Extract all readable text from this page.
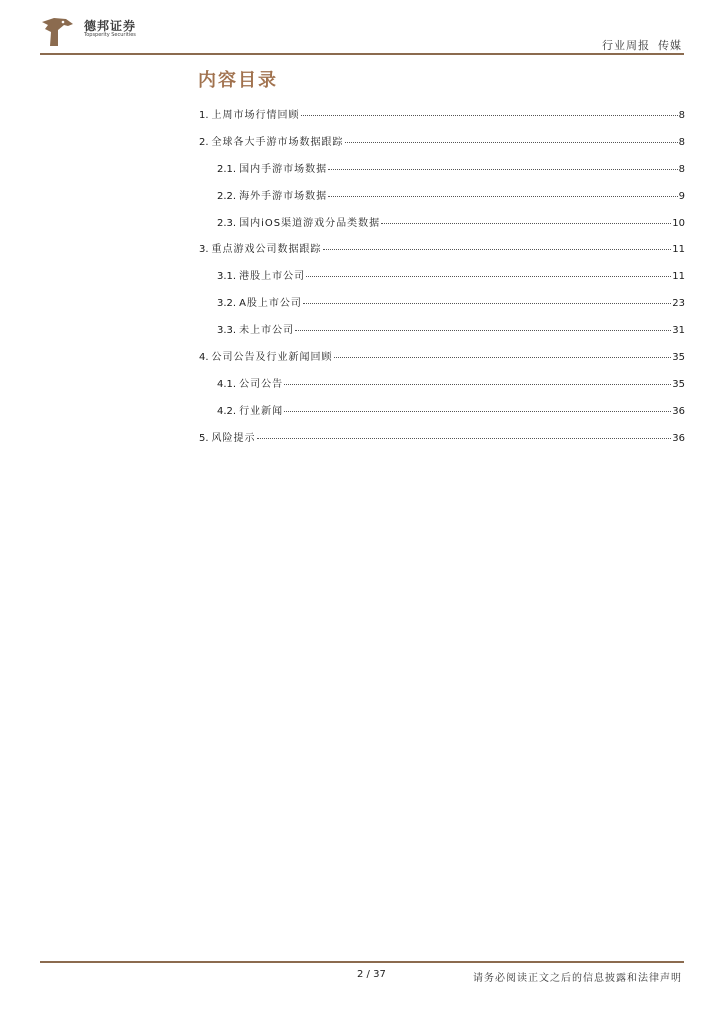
德邦证券
Topsperity Securities
行业周报 传媒
内容目录
1. 上周市场行情回顾	8
2. 全球各大手游市场数据跟踪	8
2.1. 国内手游市场数据	8
2.2. 海外手游市场数据	9
2.3. 国内iOS渠道游戏分品类数据	10
3. 重点游戏公司数据跟踪	11
3.1. 港股上市公司	11
3.2. A股上市公司	23
3.3. 未上市公司	31
4. 公司公告及行业新闻回顾	35
4.1. 公司公告	35
4.2. 行业新闻	36
5. 风险提示	36
2 / 37	请务必阅读正文之后的信息披露和法律声明
